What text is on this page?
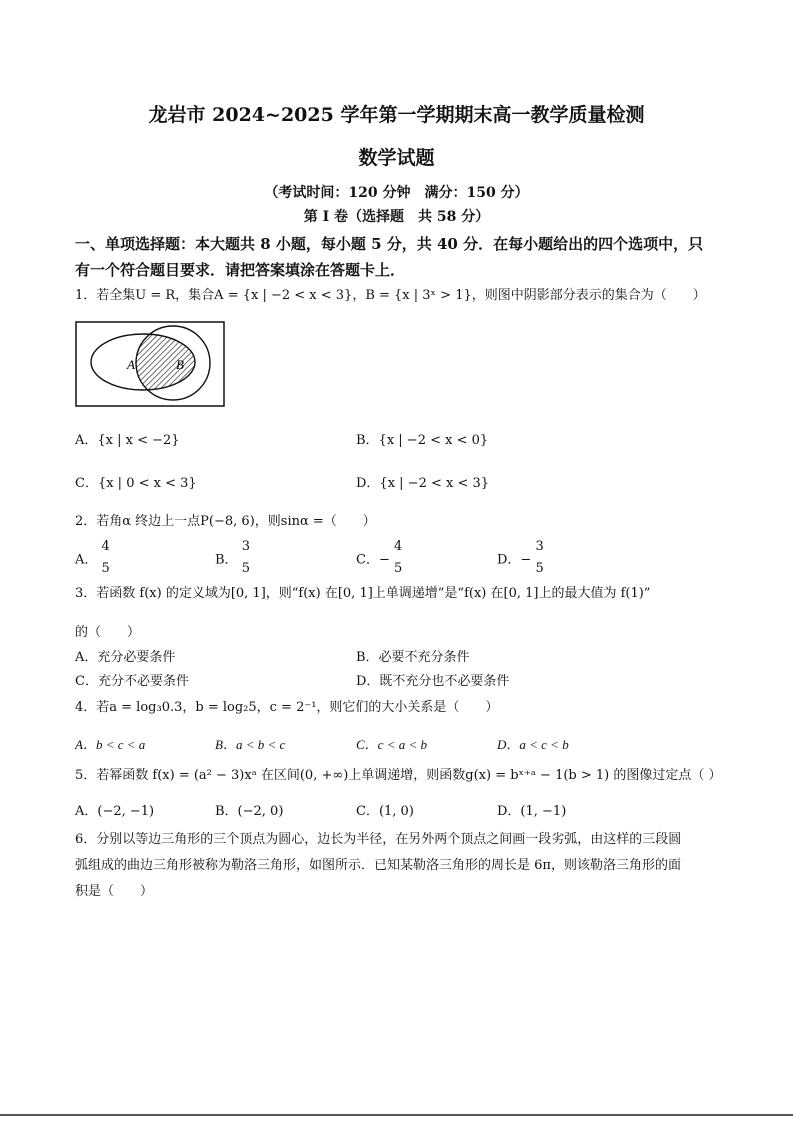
龙岩市 2024~2025 学年第一学期期末高一教学质量检测
数学试题
（考试时间：120 分钟　满分：150 分）
第 I 卷（选择题　共 58 分）
一、单项选择题：本大题共 8 小题，每小题 5 分，共 40 分．在每小题给出的四个选项中，只
有一个符合题目要求．请把答案填涂在答题卡上．
1．若全集U = R，集合A = {x | −2 < x < 3}，B = {x | 3ˣ > 1}，则图中阴影部分表示的集合为（　　）
A	B
A．{x | x < −2}	B．{x | −2 < x < 0}
C．{x | 0 < x < 3}	D．{x | −2 < x < 3}
2．若角α 终边上一点P(−8, 6)，则sinα =（　　）
A． 4
5
B． 3
5
C．− 4
5
D．− 3
5
3．若函数 f(x) 的定义域为[0, 1]，则“f(x) 在[0, 1]上单调递增”是“f(x) 在[0, 1]上的最大值为 f(1)”
的（　　）
A．充分必要条件	B．必要不充分条件
C．充分不必要条件	D．既不充分也不必要条件
4．若a = log₃0.3，b = log₂5，c = 2⁻¹，则它们的大小关系是（　　）
A．b < c < a	B．a < b < c	C．c < a < b	D．a < c < b
5．若幂函数 f(x) = (a² − 3)xᵃ 在区间(0, +∞)上单调递增，则函数g(x) = bˣ⁺ᵃ − 1(b > 1) 的图像过定点（ ）
A．(−2, −1)	B．(−2, 0)	C．(1, 0)	D．(1, −1)
6．分别以等边三角形的三个顶点为圆心，边长为半径，在另外两个顶点之间画一段劣弧，由这样的三段圆
弧组成的曲边三角形被称为勒洛三角形，如图所示．已知某勒洛三角形的周长是 6π，则该勒洛三角形的面
积是（　　）
